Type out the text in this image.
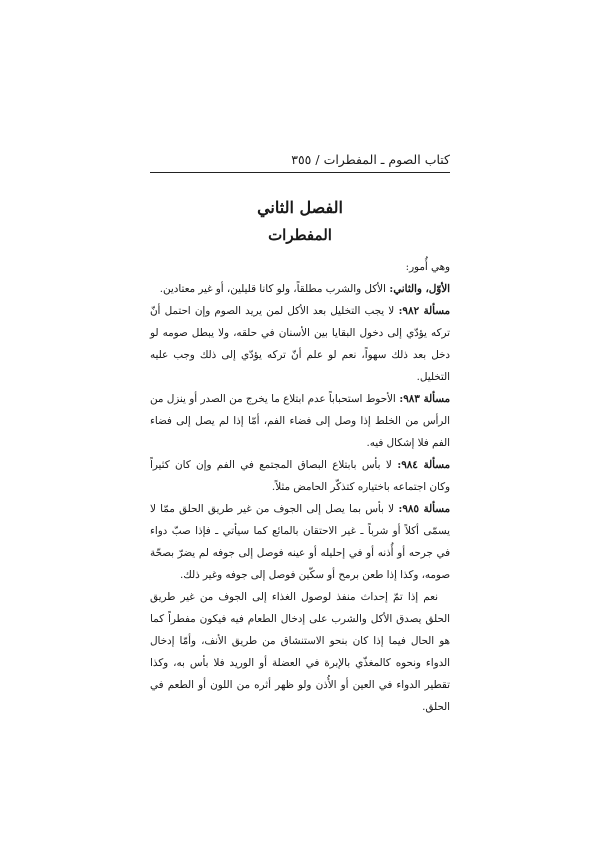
كتاب الصوم ـ المفطرات / ٣٥٥
الفصل الثاني
المفطرات

وهي أُمور:

الأوّل، والثاني: الأكل والشرب مطلقاً، ولو كانا قليلين، أو غير معتادين.

مسألة ٩٨٢: لا يجب التخليل بعد الأكل لمن يريد الصوم وإن احتمل أنّ تركه يؤدّي إلى دخول البقايا بين الأسنان في حلقه، ولا يبطل صومه لو دخل بعد ذلك سهواً، نعم لو علم أنّ تركه يؤدّي إلى ذلك وجب عليه التخليل.

مسألة ٩٨٣: الأحوط استحباباً عدم ابتلاع ما يخرج من الصدر أو ينزل من الرأس من الخلط إذا وصل إلى فضاء الفم، أمّا إذا لم يصل إلى فضاء الفم فلا إشكال فيه.

مسألة ٩٨٤: لا بأس بابتلاع البصاق المجتمع في الفم وإن كان كثيراً وكان اجتماعه باختياره كتذكّر الحامض مثلاً.

مسألة ٩٨٥: لا بأس بما يصل إلى الجوف من غير طريق الحلق ممّا لا يسمّى أكلاً أو شرباً ـ غير الاحتقان بالمائع كما سيأتي ـ فإذا صبّ دواء في جرحه أو أُذنه أو في إحليله أو عينه فوصل إلى جوفه لم يضرّ بصحّة صومه، وكذا إذا طعن برمح أو سكّين فوصل إلى جوفه وغير ذلك.

نعم إذا تمّ إحداث منفذ لوصول الغذاء إلى الجوف من غير طريق الحلق يصدق الأكل والشرب على إدخال الطعام فيه فيكون مفطراً كما هو الحال فيما إذا كان بنحو الاستنشاق من طريق الأنف، وأمّا إدخال الدواء ونحوه كالمغذّي بالإبرة في العضلة أو الوريد فلا بأس به، وكذا تقطير الدواء في العين أو الأُذن ولو ظهر أثره من اللون أو الطعم في الحلق.
